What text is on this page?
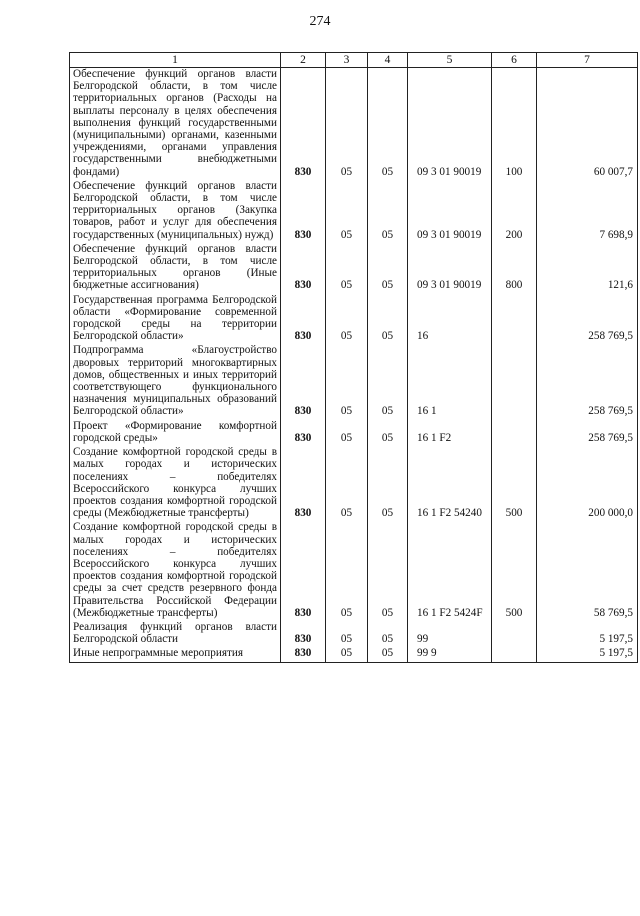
274
1	2	3	4	5	6	7
Обеспечение функций органов власти Белгородской области, в том числе территориальных органов (Расходы на выплаты персоналу в целях обеспечения выполнения функций государственными (муниципальными) органами, казенными учреждениями, органами управления государственными внебюджетными фондами)	830	05	05	09 3 01 90019	100	60 007,7
Обеспечение функций органов власти Белгородской области, в том числе территориальных органов (Закупка товаров, работ и услуг для обеспечения государственных (муниципальных) нужд)	830	05	05	09 3 01 90019	200	7 698,9
Обеспечение функций органов власти Белгородской области, в том числе территориальных органов (Иные бюджетные ассигнования)	830	05	05	09 3 01 90019	800	121,6
Государственная программа Белгородской области «Формирование современной городской среды на территории Белгородской области»	830	05	05	16		258 769,5
Подпрограмма «Благоустройство дворовых территорий многоквартирных домов, общественных и иных территорий соответствующего функционального назначения муниципальных образований Белгородской области»	830	05	05	16 1		258 769,5
Проект «Формирование комфортной городской среды»	830	05	05	16 1 F2		258 769,5
Создание комфортной городской среды в малых городах и исторических поселениях – победителях Всероссийского конкурса лучших проектов создания комфортной городской среды (Межбюджетные трансферты)	830	05	05	16 1 F2 54240	500	200 000,0
Создание комфортной городской среды в малых городах и исторических поселениях – победителях Всероссийского конкурса лучших проектов создания комфортной городской среды за счет средств резервного фонда Правительства Российской Федерации (Межбюджетные трансферты)	830	05	05	16 1 F2 5424F	500	58 769,5
Реализация функций органов власти Белгородской области	830	05	05	99		5 197,5
Иные непрограммные мероприятия	830	05	05	99 9		5 197,5
